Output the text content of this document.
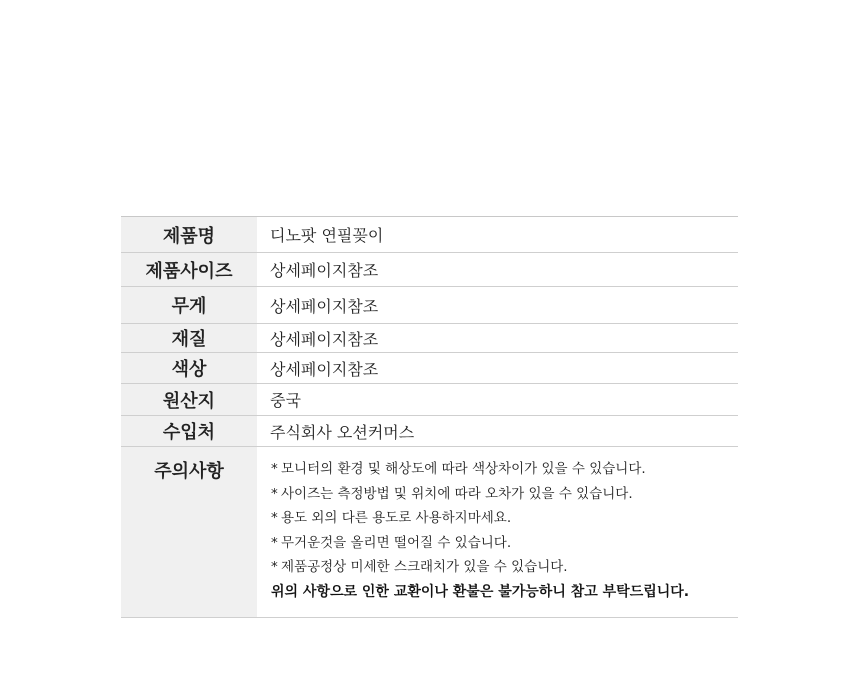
제품명	디노팟 연필꽂이
제품사이즈	상세페이지참조
무게	상세페이지참조
재질	상세페이지참조
색상	상세페이지참조
원산지	중국
수입처	주식회사 오션커머스
주의사항	* 모니터의 환경 및 해상도에 따라 색상차이가 있을 수 있습니다.
* 사이즈는 측정방법 및 위치에 따라 오차가 있을 수 있습니다.
* 용도 외의 다른 용도로 사용하지마세요.
* 무거운것을 올리면 떨어질 수 있습니다.
* 제품공정상 미세한 스크래치가 있을 수 있습니다.
위의 사항으로 인한 교환이나 환불은 불가능하니 참고 부탁드립니다.
